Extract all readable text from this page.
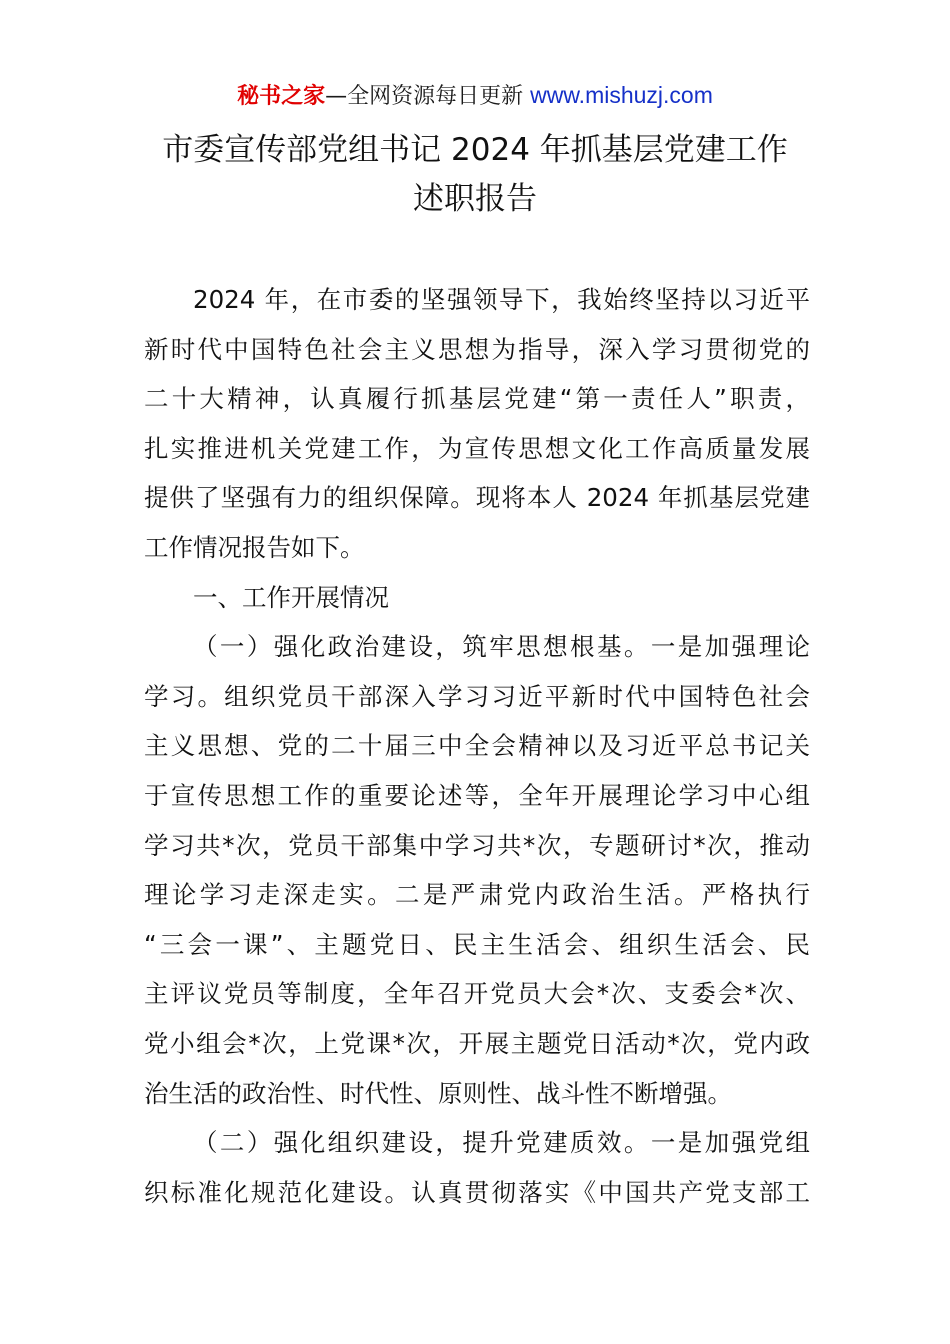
秘书之家—全网资源每日更新 www.mishuzj.com
市委宣传部党组书记 2024 年抓基层党建工作
述职报告
2024 年，在市委的坚强领导下，我始终坚持以习近平
新时代中国特色社会主义思想为指导，深入学习贯彻党的
二十大精神，认真履行抓基层党建“第一责任人”职责，
扎实推进机关党建工作，为宣传思想文化工作高质量发展
提供了坚强有力的组织保障。现将本人 2024 年抓基层党建
工作情况报告如下。
一、工作开展情况
（一）强化政治建设，筑牢思想根基。一是加强理论
学习。组织党员干部深入学习习近平新时代中国特色社会
主义思想、党的二十届三中全会精神以及习近平总书记关
于宣传思想工作的重要论述等，全年开展理论学习中心组
学习共*次，党员干部集中学习共*次，专题研讨*次，推动
理论学习走深走实。二是严肃党内政治生活。严格执行
“三会一课”、主题党日、民主生活会、组织生活会、民
主评议党员等制度，全年召开党员大会*次、支委会*次、
党小组会*次，上党课*次，开展主题党日活动*次，党内政
治生活的政治性、时代性、原则性、战斗性不断增强。
（二）强化组织建设，提升党建质效。一是加强党组
织标准化规范化建设。认真贯彻落实《中国共产党支部工
